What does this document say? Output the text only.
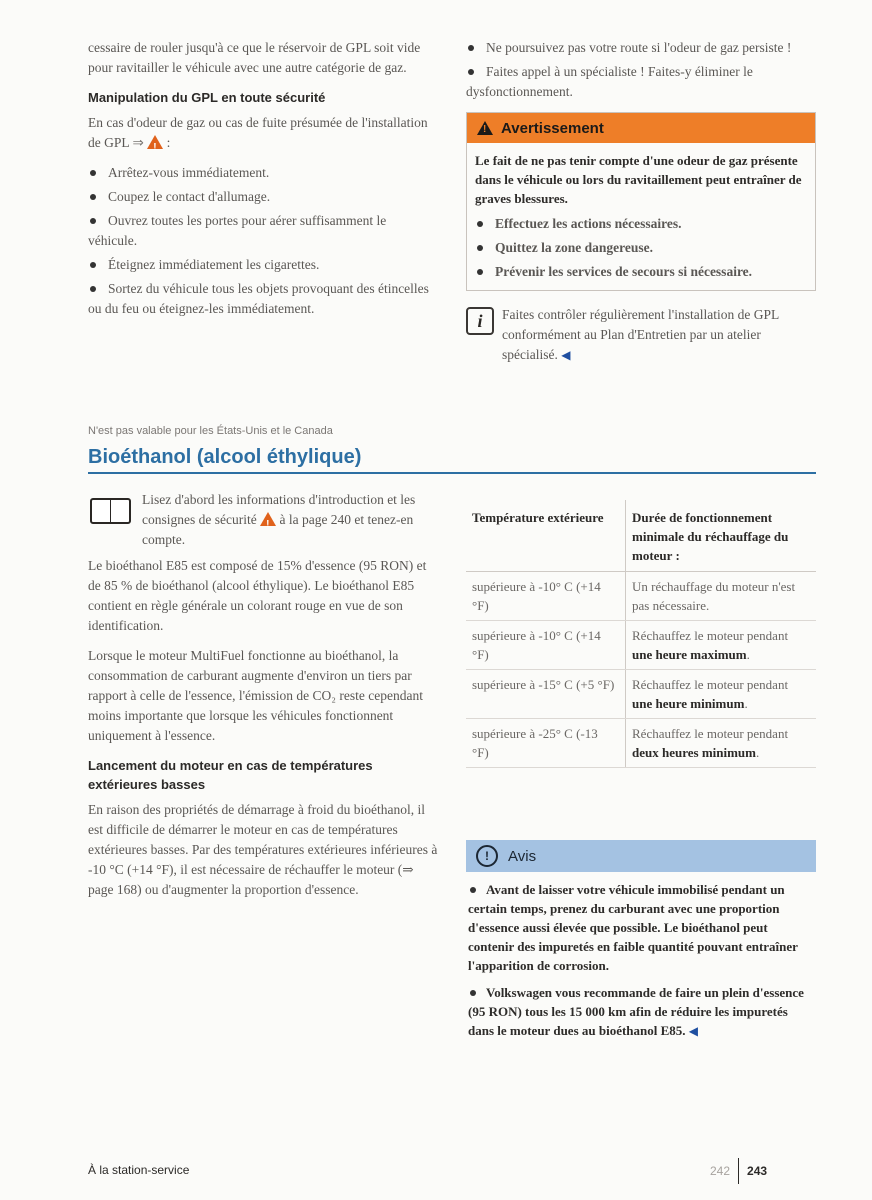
cessaire de rouler jusqu'à ce que le réservoir de GPL soit vide pour ravitailler le véhicule avec une autre catégorie de gaz.

Manipulation du GPL en toute sécurité

En cas d'odeur de gaz ou cas de fuite présumée de l'installation de GPL ⇒ ! :

Arrêtez-vous immédiatement.
Coupez le contact d'allumage.
Ouvrez toutes les portes pour aérer suffisamment le véhicule.
Éteignez immédiatement les cigarettes.
Sortez du véhicule tous les objets provoquant des étincelles ou du feu ou éteignez-les immédiatement.
Ne poursuivez pas votre route si l'odeur de gaz persiste !
Faites appel à un spécialiste ! Faites-y éliminer le dysfonctionnement.
!
Avertissement

Le fait de ne pas tenir compte d'une odeur de gaz présente dans le véhicule ou lors du ravitaillement peut entraîner de graves blessures.

Effectuez les actions nécessaires.
Quittez la zone dangereuse.
Prévenir les services de secours si nécessaire.
i	Faites contrôler régulièrement l'installation de GPL conformément au Plan d'Entretien par un atelier spécialisé. ◀
N'est pas valable pour les États-Unis et le Canada
Bioéthanol (alcool éthylique)

Lisez d'abord les informations d'introduction et les consignes de sécurité ! à la page 240 et tenez-en compte.

Le bioéthanol E85 est composé de 15% d'essence (95 RON) et de 85 % de bioéthanol (alcool éthylique). Le bioéthanol E85 contient en règle générale un colorant rouge en vue de son identification.

Lorsque le moteur MultiFuel fonctionne au bioéthanol, la consommation de carburant augmente d'environ un tiers par rapport à celle de l'essence, l'émission de CO₂ reste cependant moins importante que lorsque les véhicules fonctionnent uniquement à l'essence.

Lancement du moteur en cas de températures extérieures basses

En raison des propriétés de démarrage à froid du bioéthanol, il est difficile de démarrer le moteur en cas de températures extérieures basses. Par des températures extérieures inférieures à -10 °C (+14 °F), il est nécessaire de réchauffer le moteur (⇒ page 168) ou d'augmenter la proportion d'essence.

Température extérieure	Durée de fonctionnement minimale du réchauffage du moteur :
supérieure à -10° C (+14 °F)	Un réchauffage du moteur n'est pas nécessaire.
supérieure à -10° C (+14 °F)	Réchauffez le moteur pendant une heure maximum.
supérieure à -15° C (+5 °F)	Réchauffez le moteur pendant une heure minimum.
supérieure à -25° C (-13 °F)	Réchauffez le moteur pendant deux heures minimum.
!	Avis

Avant de laisser votre véhicule immobilisé pendant un certain temps, prenez du carburant avec une proportion d'essence aussi élevée que possible. Le bioéthanol peut contenir des impuretés en faible quantité pouvant entraîner l'apparition de corrosion.

Volkswagen vous recommande de faire un plein d'essence (95 RON) tous les 15 000 km afin de réduire les impuretés dans le moteur dues au bioéthanol E85. ◀

À la station-service	242 243
